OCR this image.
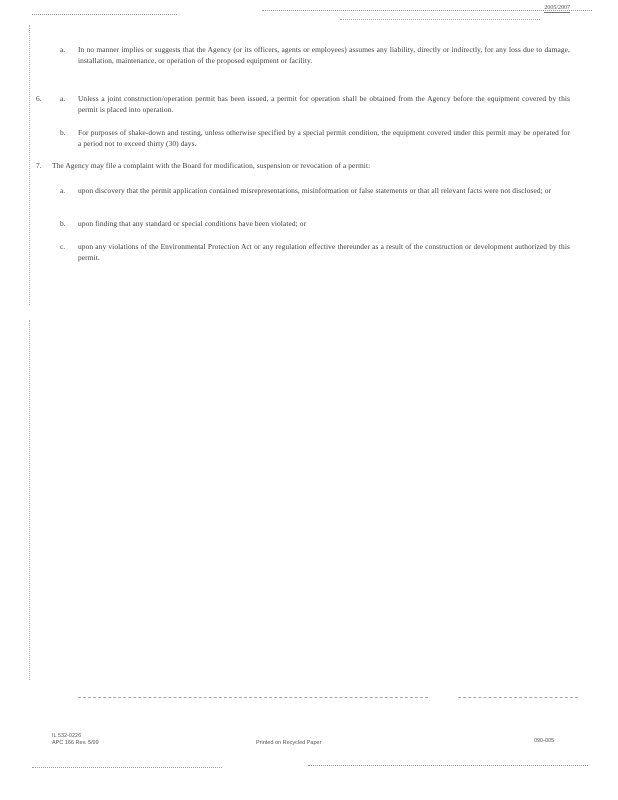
2005/2007
a. In no manner implies or suggests that the Agency (or its officers, agents or employees) assumes any liability, directly or indirectly, for any loss due to damage, installation, maintenance, or operation of the proposed equipment or facility.
6. a. Unless a joint construction/operation permit has been issued, a permit for operation shall be obtained from the Agency before the equipment covered by this permit is placed into operation.
b. For purposes of shake-down and testing, unless otherwise specified by a special permit condition, the equipment covered under this permit may be operated for a period not to exceed thirty (30) days.
7. The Agency may file a complaint with the Board for modification, suspension or revocation of a permit:
a. upon discovery that the permit application contained misrepresentations, misinformation or false statements or that all relevant facts were not disclosed; or
b. upon finding that any standard or special conditions have been violated; or
c. upon any violations of the Environmental Protection Act or any regulation effective thereunder as a result of the construction or development authorized by this permit.
IL 532-0226
APC 166 Rev. 5/99	Printed on Recycled Paper	090-005
